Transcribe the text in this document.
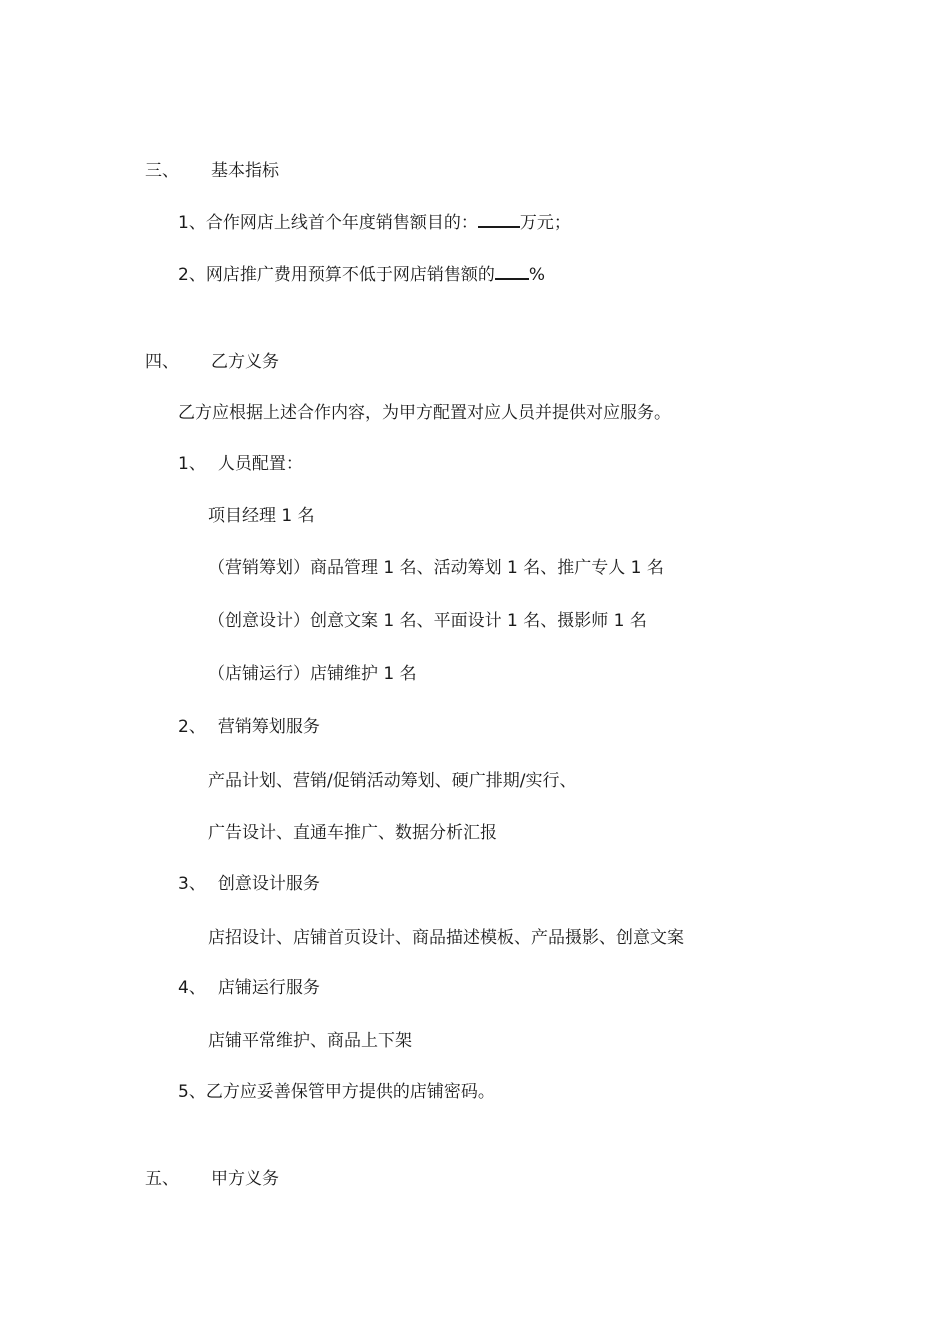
三、 基本指标
1、合作网店上线首个年度销售额目的： 万元；
2、网店推广费用预算不低于网店销售额的 %
四、 乙方义务
乙方应根据上述合作内容，为甲方配置对应人员并提供对应服务。
1、 人员配置：
项目经理 1 名
（营销筹划）商品管理 1 名、活动筹划 1 名、推广专人 1 名
（创意设计）创意文案 1 名、平面设计 1 名、摄影师 1 名
（店铺运行）店铺维护 1 名
2、 营销筹划服务
产品计划、营销/促销活动筹划、硬广排期/实行、
广告设计、直通车推广、数据分析汇报
3、 创意设计服务
店招设计、店铺首页设计、商品描述模板、产品摄影、创意文案
4、 店铺运行服务
店铺平常维护、商品上下架
5、乙方应妥善保管甲方提供的店铺密码。
五、 甲方义务
